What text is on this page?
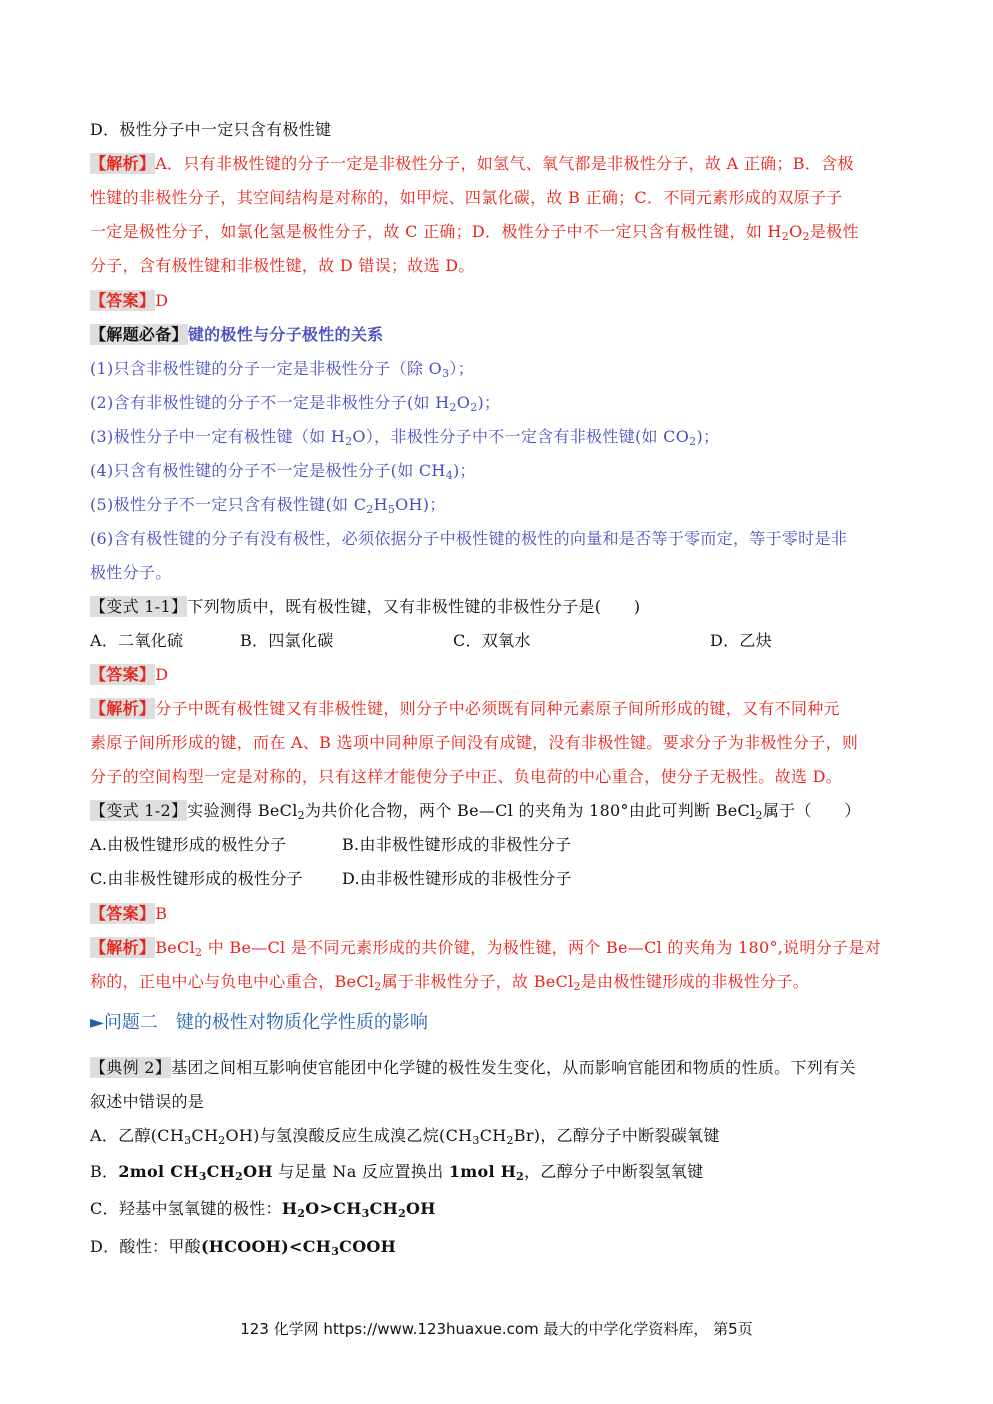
D．极性分子中一定只含有极性键
【解析】A．只有非极性键的分子一定是非极性分子，如氢气、氧气都是非极性分子，故 A 正确；B．含极
性键的非极性分子，其空间结构是对称的，如甲烷、四氯化碳，故 B 正确；C．不同元素形成的双原子子
一定是极性分子，如氯化氢是极性分子，故 C 正确；D．极性分子中不一定只含有极性键，如 $H_2O_2$是极性
分子，含有极性键和非极性键，故 D 错误；故选 D。
【答案】D
【解题必备】键的极性与分子极性的关系
(1)只含非极性键的分子一定是非极性分子（除 $O_3$）；
(2)含有非极性键的分子不一定是非极性分子(如 $H_2O_2$)；
(3)极性分子中一定有极性键（如 $H_2O$），非极性分子中不一定含有非极性键(如 $CO_2$)；
(4)只含有极性键的分子不一定是极性分子(如 $CH_4$)；
(5)极性分子不一定只含有极性键(如 $C_2H_5OH$)；
(6)含有极性键的分子有没有极性，必须依据分子中极性键的极性的向量和是否等于零而定，等于零时是非
极性分子。
【变式 1-1】下列物质中，既有极性键，又有非极性键的非极性分子是(　　)
A．二氧化硫	B．四氯化碳	C．双氧水	D．乙炔
【答案】D
【解析】分子中既有极性键又有非极性键，则分子中必须既有同种元素原子间所形成的键，又有不同种元
素原子间所形成的键，而在 A、B 选项中同种原子间没有成键，没有非极性键。要求分子为非极性分子，则
分子的空间构型一定是对称的，只有这样才能使分子中正、负电荷的中心重合，使分子无极性。故选 D。
【变式 1-2】实验测得 BeCl$_2$为共价化合物，两个 Be—Cl 的夹角为 180°由此可判断 BeCl$_2$属于（　　）
A.由极性键形成的极性分子	B.由非极性键形成的非极性分子
C.由非极性键形成的极性分子 D.由非极性键形成的非极性分子
【答案】B
【解析】BeCl$_2$ 中 Be—Cl 是不同元素形成的共价键，为极性键，两个 Be—Cl 的夹角为 180°,说明分子是对
称的，正电中心与负电中心重合，BeCl$_2$属于非极性分子，故 BeCl$_2$是由极性键形成的非极性分子。
►问题二　键的极性对物质化学性质的影响
【典例 2】基团之间相互影响使官能团中化学键的极性发生变化，从而影响官能团和物质的性质。下列有关
叙述中错误的是
A．乙醇$(CH_3CH_2OH)$与氢溴酸反应生成溴乙烷$(CH_3CH_2Br)$，乙醇分子中断裂碳氧键
B．2mol $CH_3CH_2OH$ 与足量 Na 反应置换出 1mol $H_2$，乙醇分子中断裂氢氧键
C．羟基中氢氧键的极性：$H_2O>CH_3CH_2OH$
D．酸性：甲酸$(HCOOH)<CH_3COOH$
123 化学网 https://www.123huaxue.com 最大的中学化学资料库， 第5页
